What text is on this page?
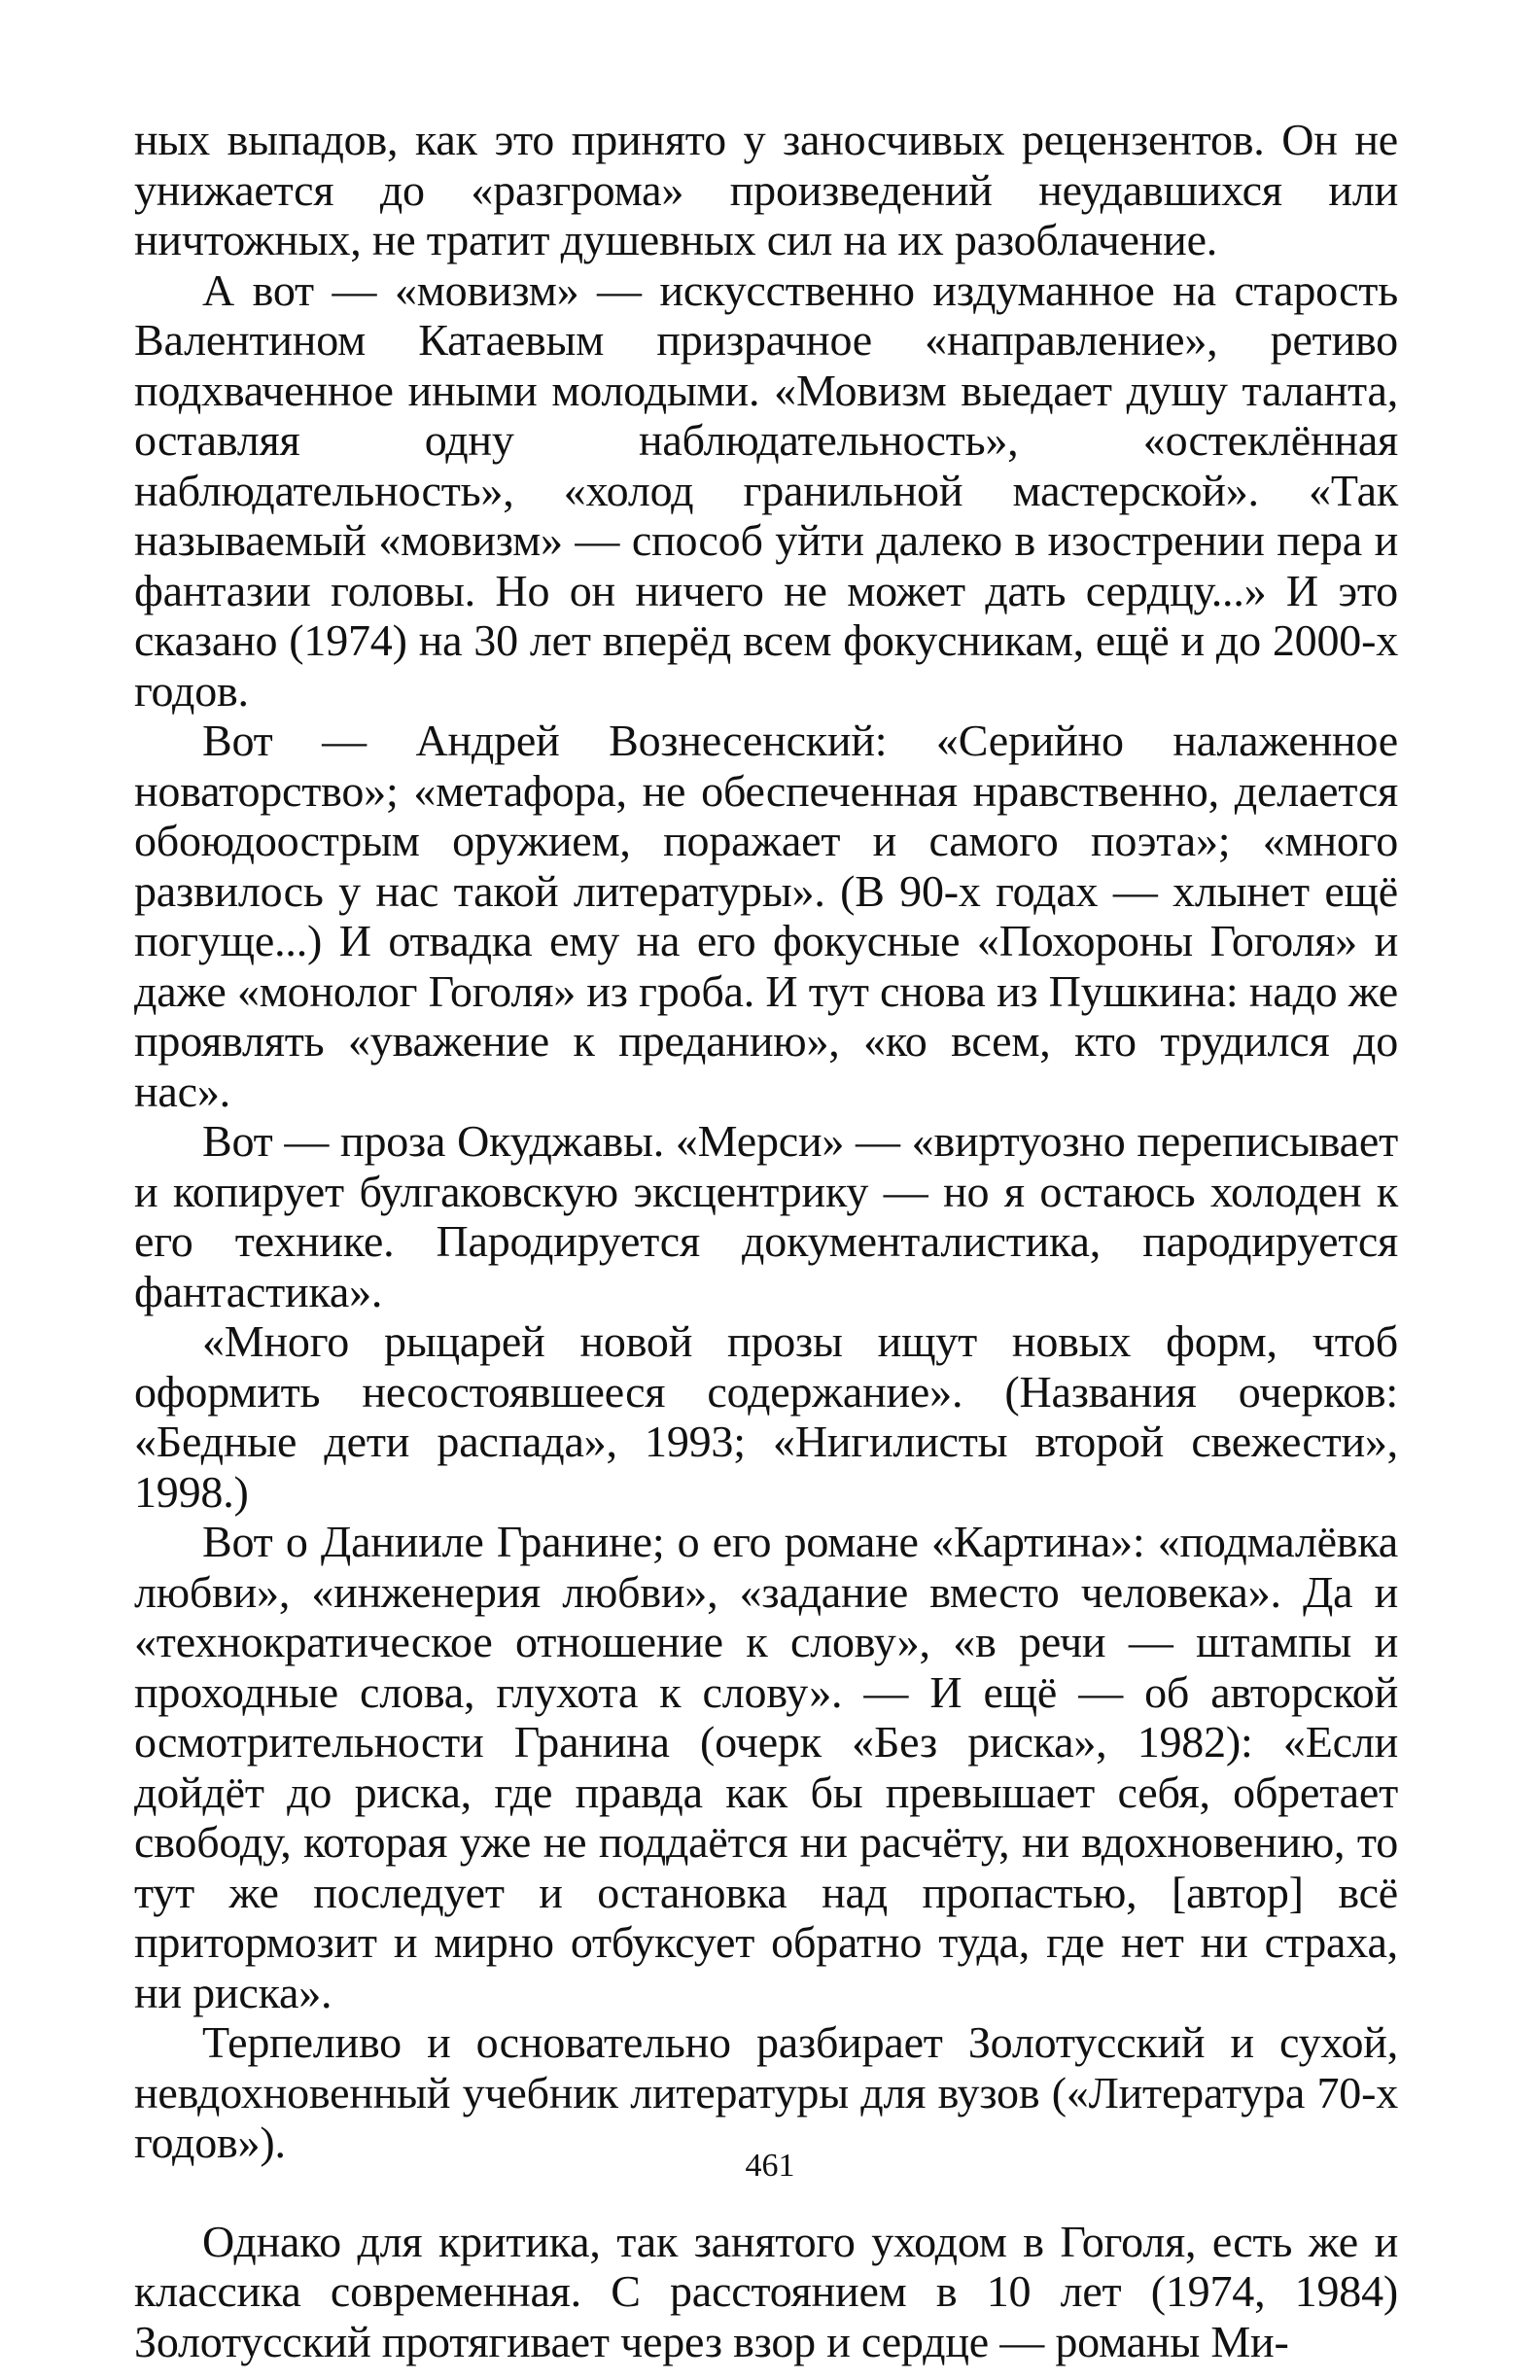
ных выпадов, как это принято у заносчивых рецензентов. Он не унижается до «разгрома» произведений неудавшихся или ничтожных, не тратит душевных сил на их разоблачение.

А вот — «мовизм» — искусственно издуманное на старость Валентином Катаевым призрачное «направление», ретиво подхваченное иными молодыми. «Мовизм выедает душу таланта, оставляя одну наблюдательность», «остеклённая наблюдательность», «холод гранильной мастерской». «Так называемый «мовизм» — способ уйти далеко в изострении пера и фантазии головы. Но он ничего не может дать сердцу...» И это сказано (1974) на 30 лет вперёд всем фокусникам, ещё и до 2000-х годов.

Вот — Андрей Вознесенский: «Серийно налаженное новаторство»; «метафора, не обеспеченная нравственно, делается обоюдоострым оружием, поражает и самого поэта»; «много развилось у нас такой литературы». (В 90-х годах — хлынет ещё погуще...) И отвадка ему на его фокусные «Похороны Гоголя» и даже «монолог Гоголя» из гроба. И тут снова из Пушкина: надо же проявлять «уважение к преданию», «ко всем, кто трудился до нас».

Вот — проза Окуджавы. «Мерси» — «виртуозно переписывает и копирует булгаковскую эксцентрику — но я остаюсь холоден к его технике. Пародируется документалистика, пародируется фантастика».

«Много рыцарей новой прозы ищут новых форм, чтоб оформить несостоявшееся содержание». (Названия очерков: «Бедные дети распада», 1993; «Нигилисты второй свежести», 1998.)

Вот о Данииле Гранине; о его романе «Картина»: «подмалёвка любви», «инженерия любви», «задание вместо человека». Да и «технократическое отношение к слову», «в речи — штампы и проходные слова, глухота к слову». — И ещё — об авторской осмотрительности Гранина (очерк «Без риска», 1982): «Если дойдёт до риска, где правда как бы превышает себя, обретает свободу, которая уже не поддаётся ни расчёту, ни вдохновению, то тут же последует и остановка над пропастью, [автор] всё притормозит и мирно отбуксует обратно туда, где нет ни страха, ни риска».

Терпеливо и основательно разбирает Золотусский и сухой, невдохновенный учебник литературы для вузов («Литература 70-х годов»).

Однако для критика, так занятого уходом в Гоголя, есть же и классика современная. С расстоянием в 10 лет (1974, 1984) Золотусский протягивает через взор и сердце — романы Ми-

461
